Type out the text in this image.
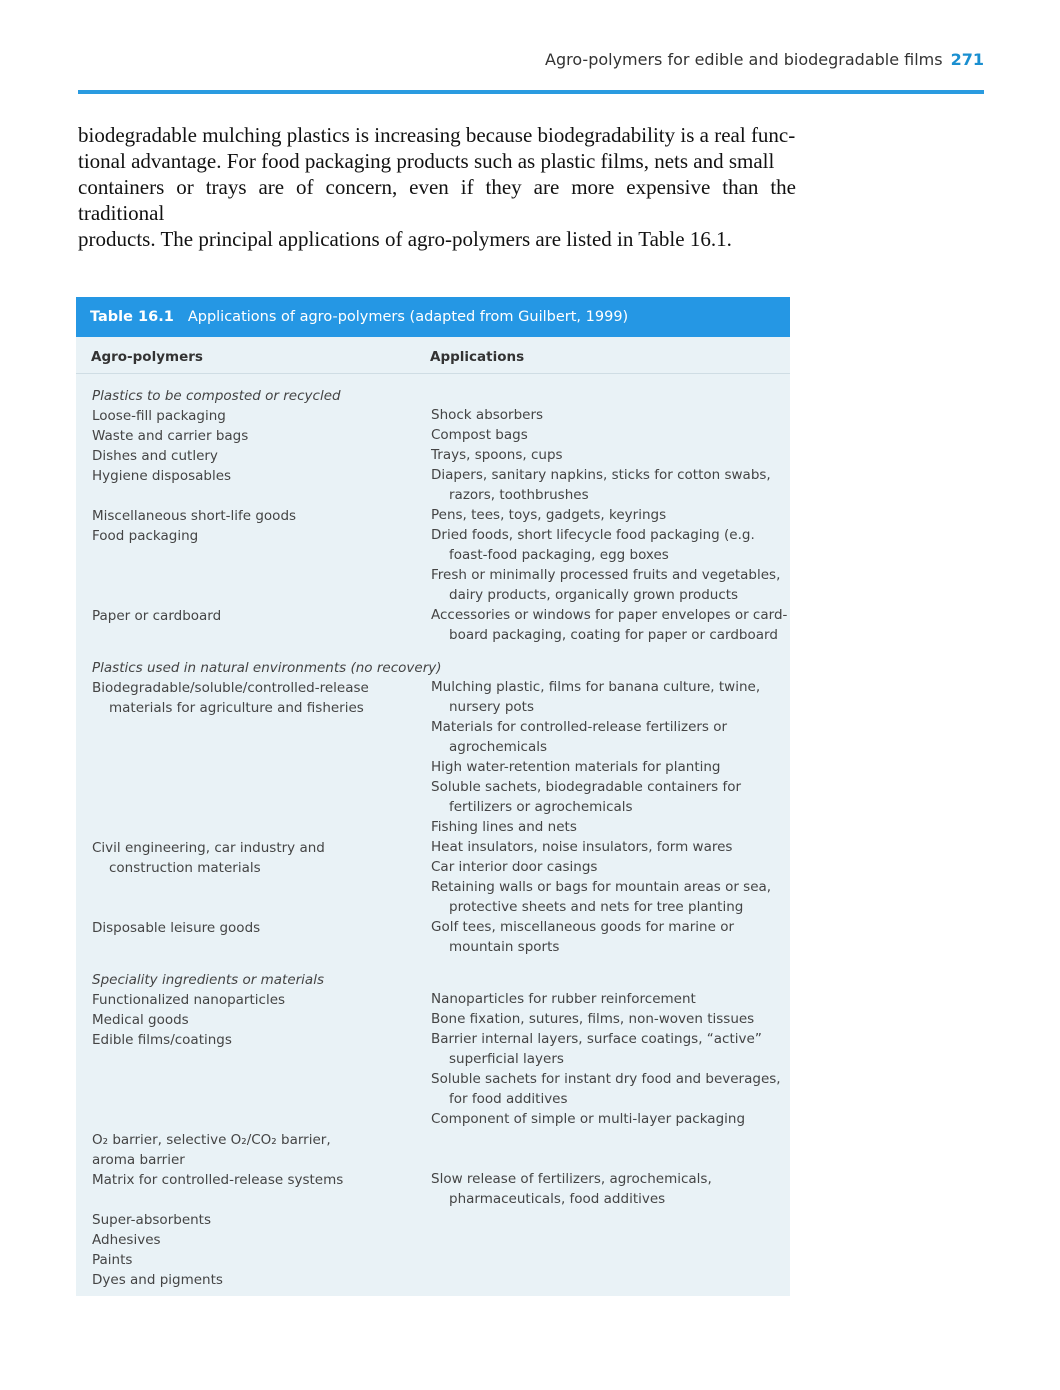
Agro-polymers for edible and biodegradable films 271

biodegradable mulching plastics is increasing because biodegradability is a real func-

tional advantage. For food packaging products such as plastic films, nets and small

containers or trays are of concern, even if they are more expensive than the traditional

products. The principal applications of agro-polymers are listed in Table 16.1.

Table 16.1 Applications of agro-polymers (adapted from Guilbert, 1999)
Agro-polymers	Applications
Plastics to be composted or recycled
Loose-fill packaging
Waste and carrier bags
Dishes and cutlery
Hygiene disposables
Miscellaneous short-life goods
Food packaging
Paper or cardboard
Shock absorbers
Compost bags
Trays, spoons, cups
Diapers, sanitary napkins, sticks for cotton swabs,
razors, toothbrushes
Pens, tees, toys, gadgets, keyrings
Dried foods, short lifecycle food packaging (e.g.
foast-food packaging, egg boxes
Fresh or minimally processed fruits and vegetables,
dairy products, organically grown products
Accessories or windows for paper envelopes or card-
board packaging, coating for paper or cardboard
Plastics used in natural environments (no recovery)
Biodegradable/soluble/controlled-release
materials for agriculture and fisheries
Civil engineering, car industry and
construction materials
Disposable leisure goods
Mulching plastic, films for banana culture, twine,
nursery pots
Materials for controlled-release fertilizers or
agrochemicals
High water-retention materials for planting
Soluble sachets, biodegradable containers for
fertilizers or agrochemicals
Fishing lines and nets
Heat insulators, noise insulators, form wares
Car interior door casings
Retaining walls or bags for mountain areas or sea,
protective sheets and nets for tree planting
Golf tees, miscellaneous goods for marine or
mountain sports
Speciality ingredients or materials
Functionalized nanoparticles
Medical goods
Edible films/coatings
O₂ barrier, selective O₂/CO₂ barrier,
aroma barrier
Matrix for controlled-release systems
Super-absorbents
Adhesives
Paints
Dyes and pigments
Nanoparticles for rubber reinforcement
Bone fixation, sutures, films, non-woven tissues
Barrier internal layers, surface coatings, “active”
superficial layers
Soluble sachets for instant dry food and beverages,
for food additives
Component of simple or multi-layer packaging
Slow release of fertilizers, agrochemicals,
pharmaceuticals, food additives
